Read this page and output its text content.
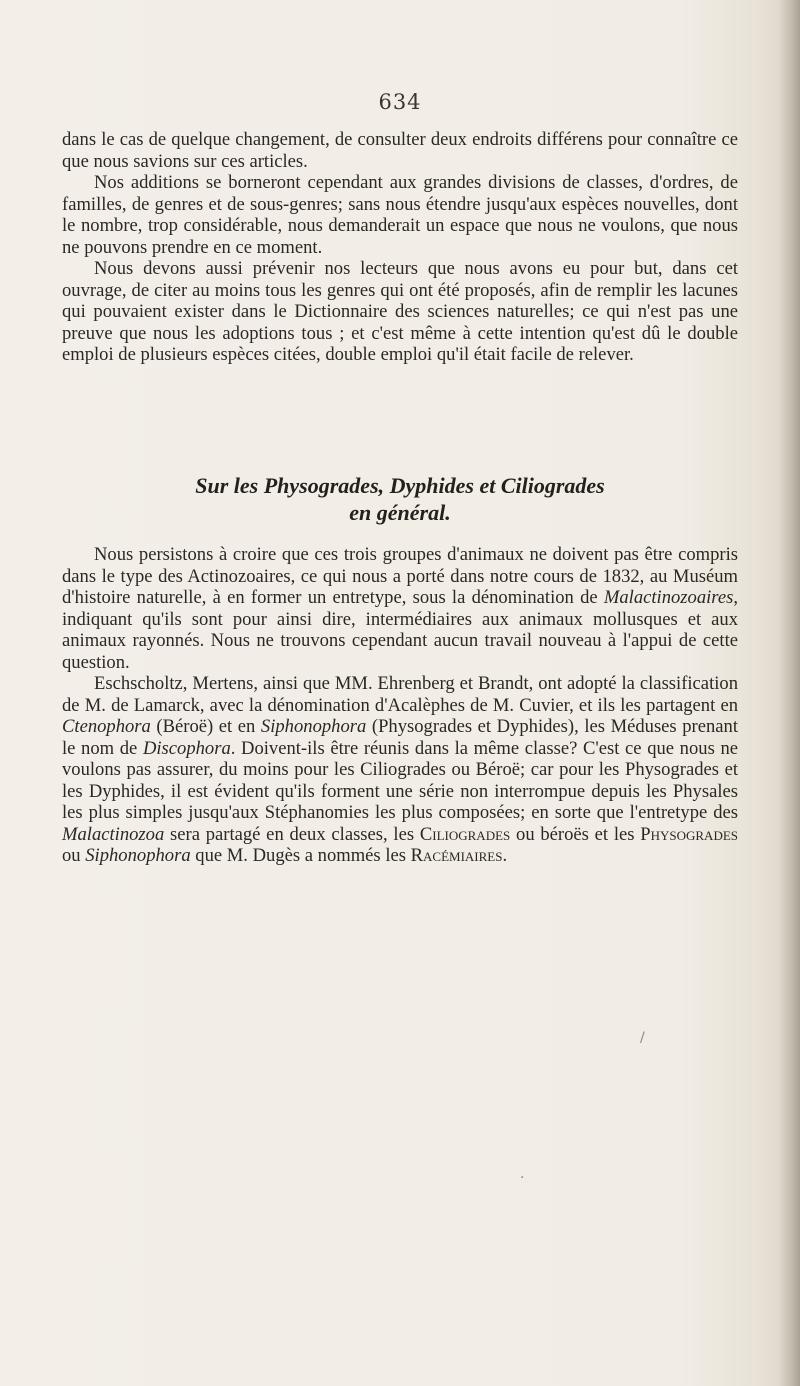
634

dans le cas de quelque changement, de consulter deux endroits différens pour connaître ce que nous savions sur ces articles.

Nos additions se borneront cependant aux grandes divisions de classes, d'ordres, de familles, de genres et de sous-genres; sans nous étendre jusqu'aux espèces nouvelles, dont le nombre, trop considérable, nous demanderait un espace que nous ne voulons, que nous ne pouvons prendre en ce moment.

Nous devons aussi prévenir nos lecteurs que nous avons eu pour but, dans cet ouvrage, de citer au moins tous les genres qui ont été proposés, afin de remplir les lacunes qui pouvaient exister dans le Dictionnaire des sciences naturelles; ce qui n'est pas une preuve que nous les adoptions tous ; et c'est même à cette intention qu'est dû le double emploi de plusieurs espèces citées, double emploi qu'il était facile de relever.

Sur les Physogrades, Dyphides et Ciliogrades
en général.

Nous persistons à croire que ces trois groupes d'animaux ne doivent pas être compris dans le type des Actinozoaires, ce qui nous a porté dans notre cours de 1832, au Muséum d'histoire naturelle, à en former un entretype, sous la dénomination de Malactinozoaires, indiquant qu'ils sont pour ainsi dire, intermédiaires aux animaux mollusques et aux animaux rayonnés. Nous ne trouvons cependant aucun travail nouveau à l'appui de cette question.

Eschscholtz, Mertens, ainsi que MM. Ehrenberg et Brandt, ont adopté la classification de M. de Lamarck, avec la dénomination d'Acalèphes de M. Cuvier, et ils les partagent en Ctenophora (Béroë) et en Siphonophora (Physogrades et Dyphides), les Méduses prenant le nom de Discophora. Doivent-ils être réunis dans la même classe? C'est ce que nous ne voulons pas assurer, du moins pour les Ciliogrades ou Béroë; car pour les Physogrades et les Dyphides, il est évident qu'ils forment une série non interrompue depuis les Physales les plus simples jusqu'aux Stéphanomies les plus composées; en sorte que l'entretype des Malactinozoa sera partagé en deux classes, les Ciliogrades ou béroës et les Physogrades ou Siphonophora que M. Dugès a nommés les Racémiaires.

/
·
